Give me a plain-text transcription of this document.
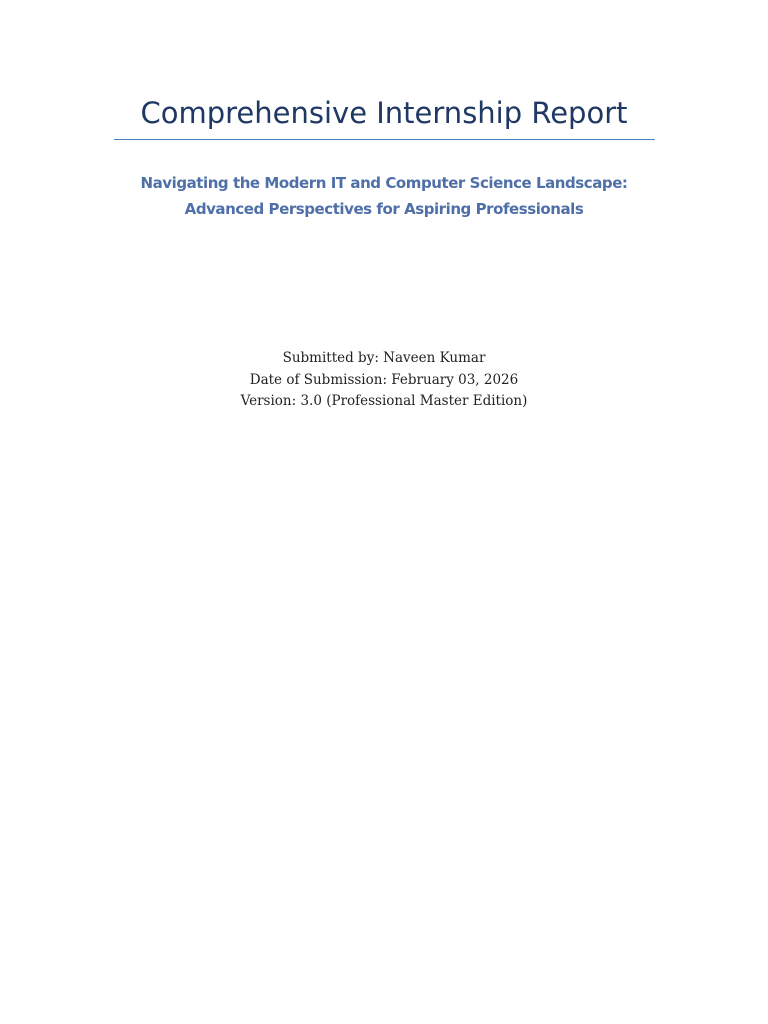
Comprehensive Internship Report
Navigating the Modern IT and Computer Science Landscape: Advanced Perspectives for Aspiring Professionals
Submitted by: Naveen Kumar
Date of Submission: February 03, 2026
Version: 3.0 (Professional Master Edition)
